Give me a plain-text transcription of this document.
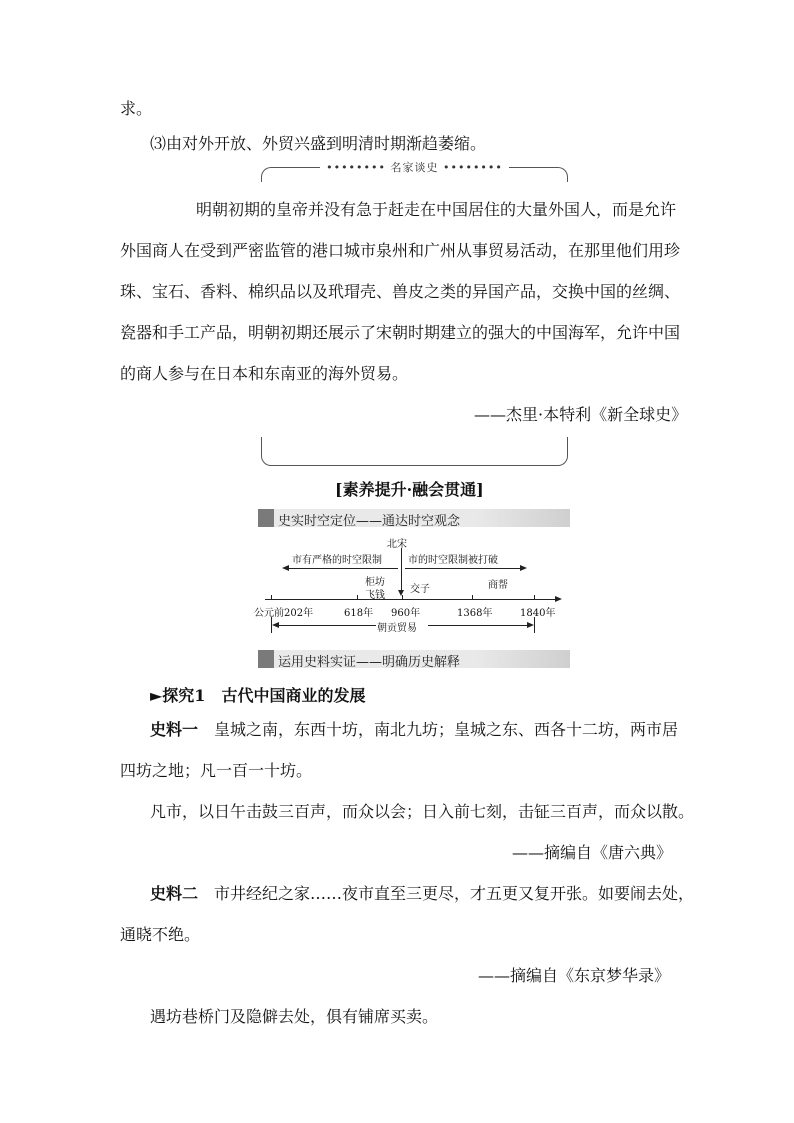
求。
⑶由对外开放、外贸兴盛到明清时期渐趋萎缩。
•••••••• 名家谈史 ••••••••
明朝初期的皇帝并没有急于赶走在中国居住的大量外国人，而是允许
外国商人在受到严密监管的港口城市泉州和广州从事贸易活动，在那里他们用珍
珠、宝石、香料、棉织品以及玳瑁壳、兽皮之类的异国产品，交换中国的丝绸、
瓷器和手工产品，明朝初期还展示了宋朝时期建立的强大的中国海军，允许中国
的商人参与在日本和东南亚的海外贸易。
——杰里·本特利《新全球史》
[素养提升·融会贯通]
史实时空定位——通达时空观念
北宋
市有严格的时空限制	市的时空限制被打破
柜坊
飞钱
交子	商帮
公元前202年	618年 960年	1368年	1840年
朝贡贸易
运用史料实证——明确历史解释
►探究1　古代中国商业的发展
史料一　 皇城之南，东西十坊，南北九坊；皇城之东、西各十二坊，两市居
四坊之地；凡一百一十坊。
凡市，以日午击鼓三百声，而众以会；日入前七刻，击钲三百声，而众以散。
——摘编自《唐六典》
史料二　 市井经纪之家……夜市直至三更尽，才五更又复开张。如要闹去处，
通晓不绝。
——摘编自《东京梦华录》
遇坊巷桥门及隐僻去处，俱有铺席买卖。
